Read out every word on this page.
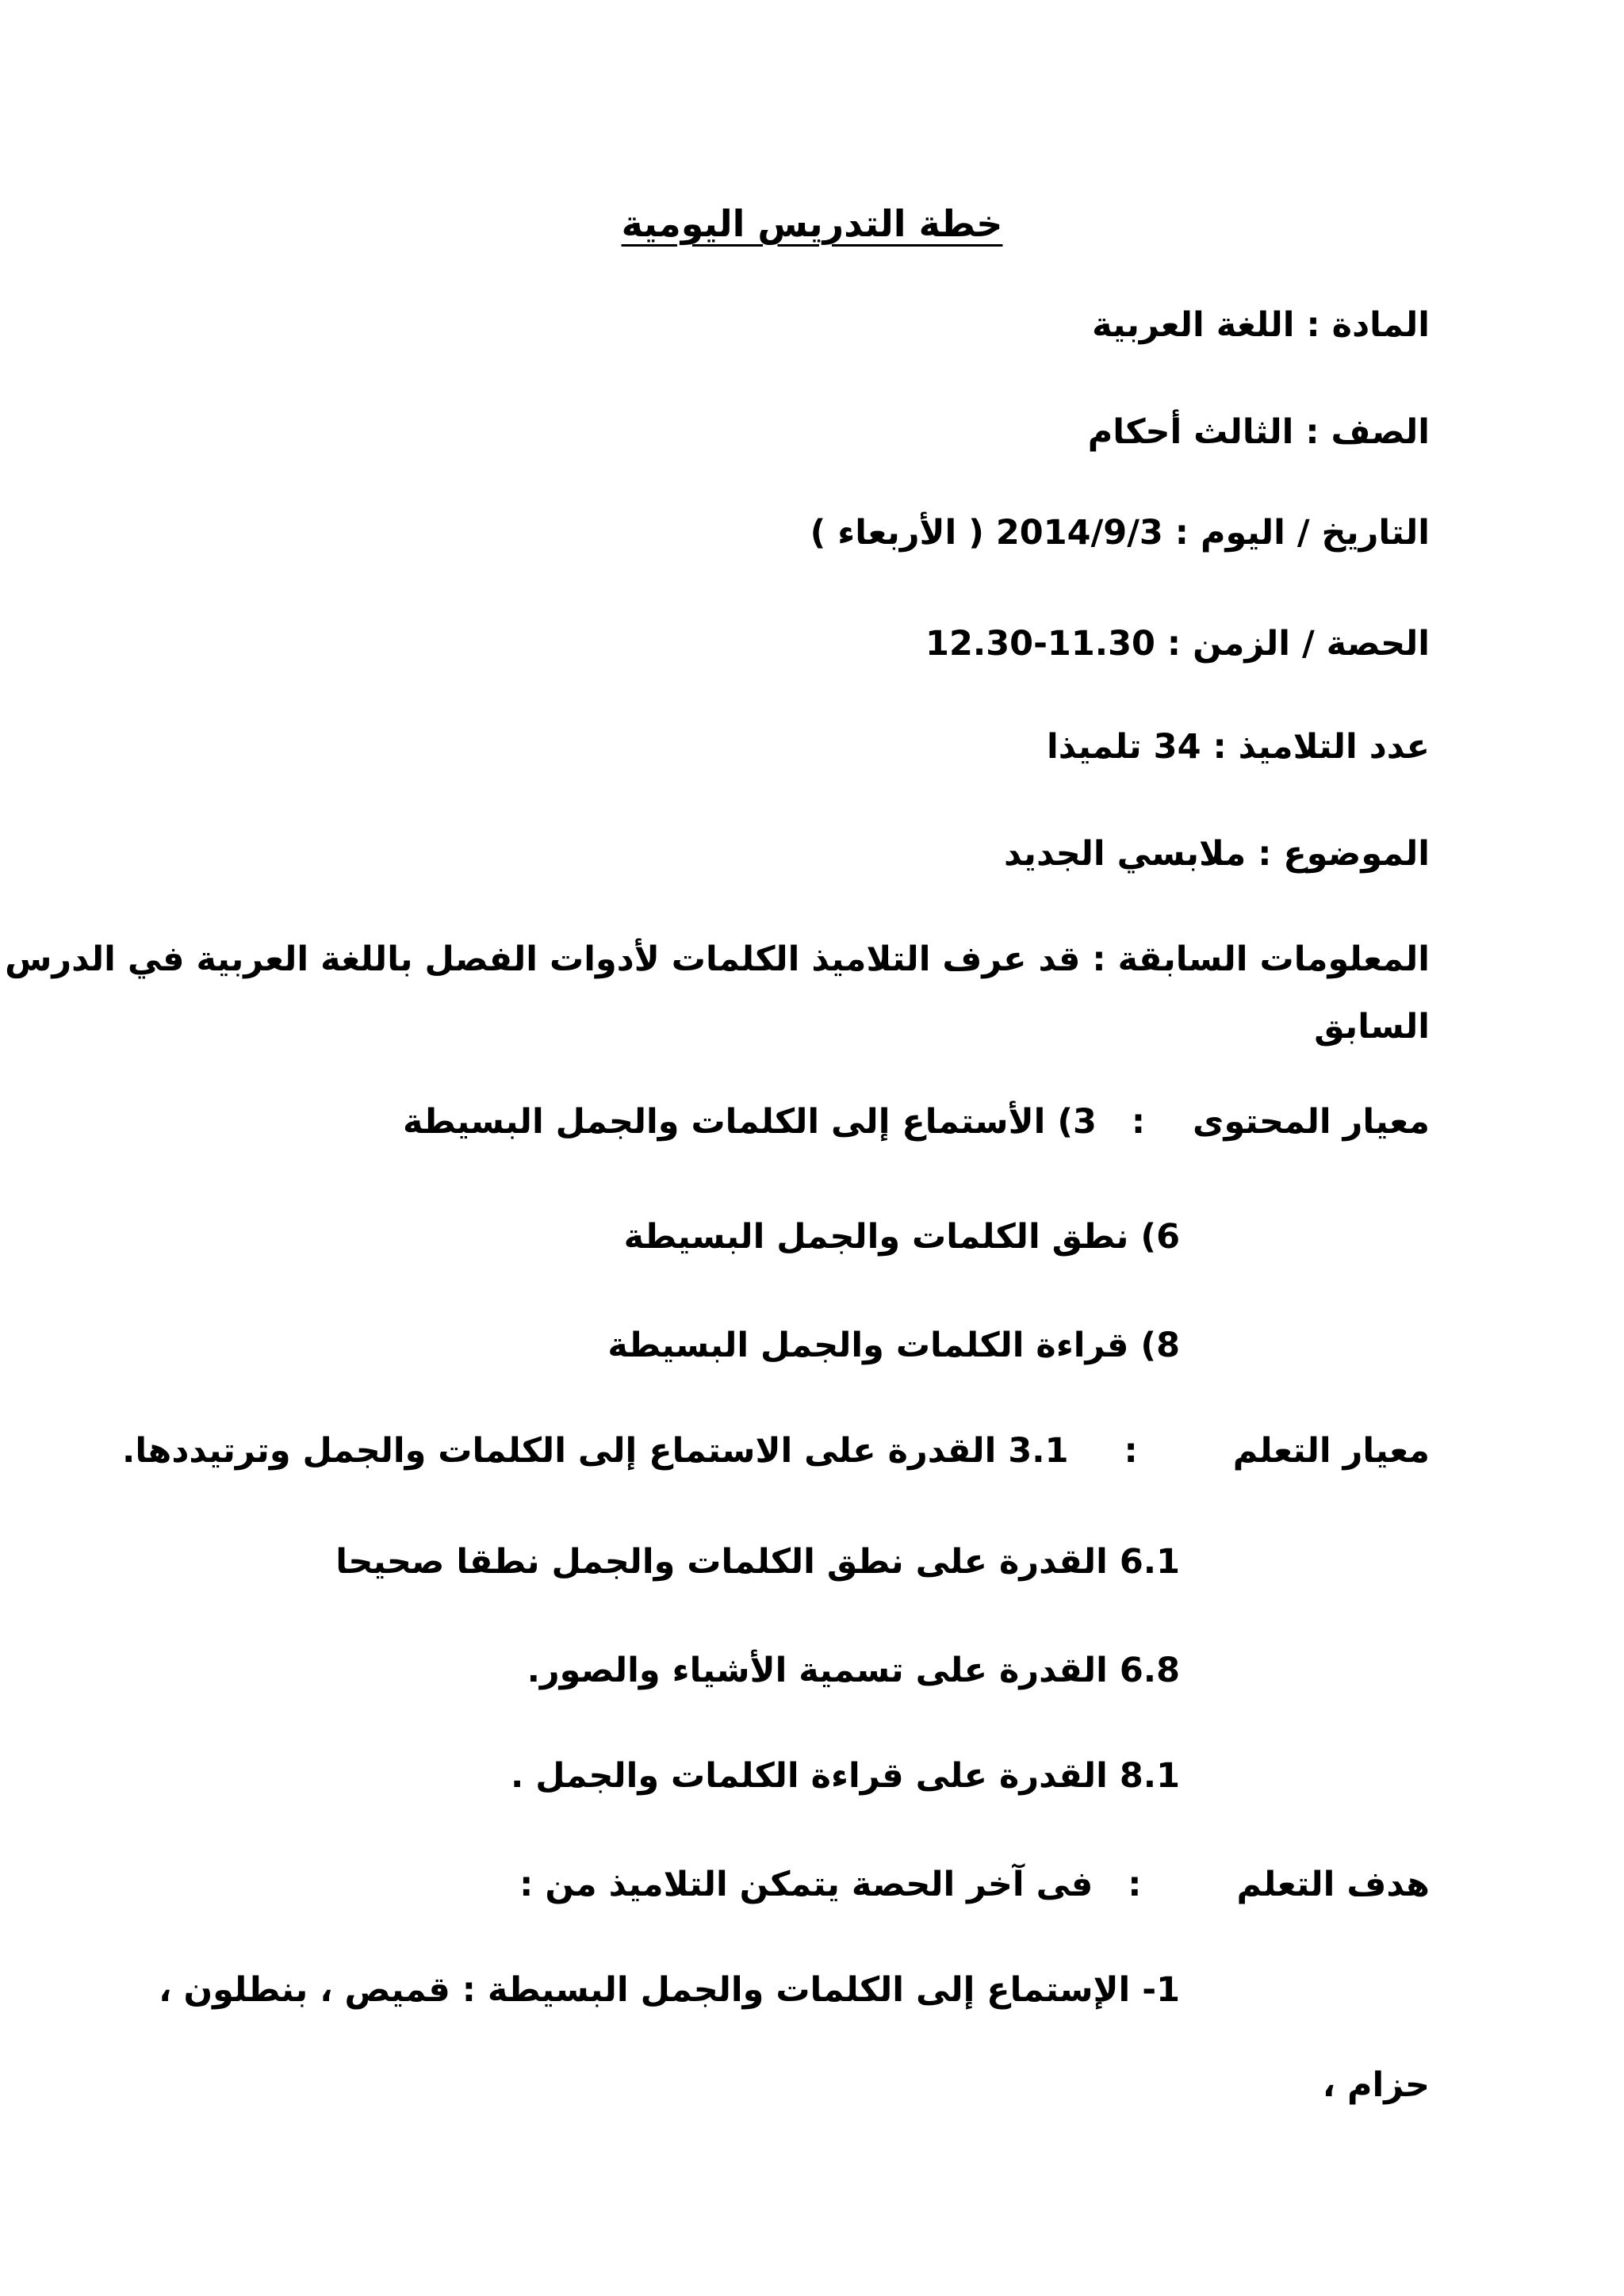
خطة التدريس اليومية
المادة : اللغة العربية
الصف : الثالث أحكام
التاريخ / اليوم : 2014/9/3 ( الأربعاء )
الحصة / الزمن : 11.30-12.30
عدد التلاميذ : 34 تلميذا
الموضوع : ملابسي الجديد
المعلومات السابقة : قد عرف التلاميذ الكلمات لأدوات الفصل باللغة العربية في الدرس
السابق
معيار المحتوى  :  3) الأستماع إلى الكلمات والجمل البسيطة
6) نطق الكلمات والجمل البسيطة
8) قراءة الكلمات والجمل البسيطة
معيار التعلم  :  3.1 القدرة على الاستماع إلى الكلمات والجمل وترتيددها.
6.1 القدرة على نطق الكلمات والجمل نطقا صحيحا
6.8 القدرة على تسمية الأشياء والصور.
8.1 القدرة على قراءة الكلمات والجمل .
هدف التعلم  :  فى آخر الحصة يتمكن التلاميذ من :
1- الإستماع إلى الكلمات والجمل البسيطة : قميص ، بنطلون ،
حزام ،
